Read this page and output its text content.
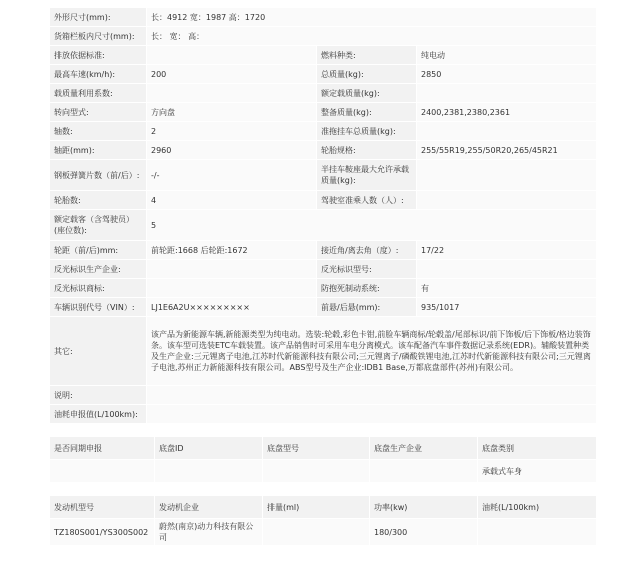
外形尺寸(mm):	长：4912 宽：1987 高：1720		
货箱栏板内尺寸(mm):	长： 宽： 高：		
排放依据标准:		燃料种类:	纯电动
最高车速(km/h):	200	总质量(kg):	2850
载质量利用系数:		额定载质量(kg):	
转向型式:	方向盘	整备质量(kg):	2400,2381,2380,2361
轴数:	2	准拖挂车总质量(kg):	
轴距(mm):	2960	轮胎规格:	255/55R19,255/50R20,265/45R21
钢板弹簧片数（前/后）:	-/-	半挂车鞍座最大允许承载质量(kg):	
轮胎数:	4	驾驶室准乘人数（人）:	
额定载客（含驾驶员）(座位数):	5		
轮距（前/后)mm:	前轮距:1668 后轮距:1672	接近角/离去角（度）:	17/22
反光标识生产企业:		反光标识型号:	
反光标识商标:		防抱死制动系统:	有
车辆识别代号（VIN）:	LJ1E6A2U×××××××××	前悬/后悬(mm):	935/1017
其它:	该产品为新能源车辆,新能源类型为纯电动。选装:轮毂,彩色卡钳,前脸车辆商标/轮毂盖/尾部标识/前下饰板/后下饰板/格边装饰条。该车型可选装ETC车载装置。该产品销售时可采用车电分离模式。该车配备汽车事件数据记录系统(EDR)。辅酸装置种类及生产企业:三元锂离子电池,江苏时代新能源科技有限公司;三元锂离子/磷酸铁锂电池,江苏时代新能源科技有限公司;三元锂离子电池,苏州正力新能源科技有限公司。ABS型号及生产企业:IDB1 Base,万都底盘部件(苏州)有限公司。		
说明:			
油耗申报值(L/100km):			
是否同期申报	底盘ID	底盘型号	底盘生产企业	底盘类别
				承载式车身
发动机型号	发动机企业	排量(ml)	功率(kw)	油耗(L/100km)
TZ180S001/YS300S002	蔚然(南京)动力科技有限公司		180/300	
